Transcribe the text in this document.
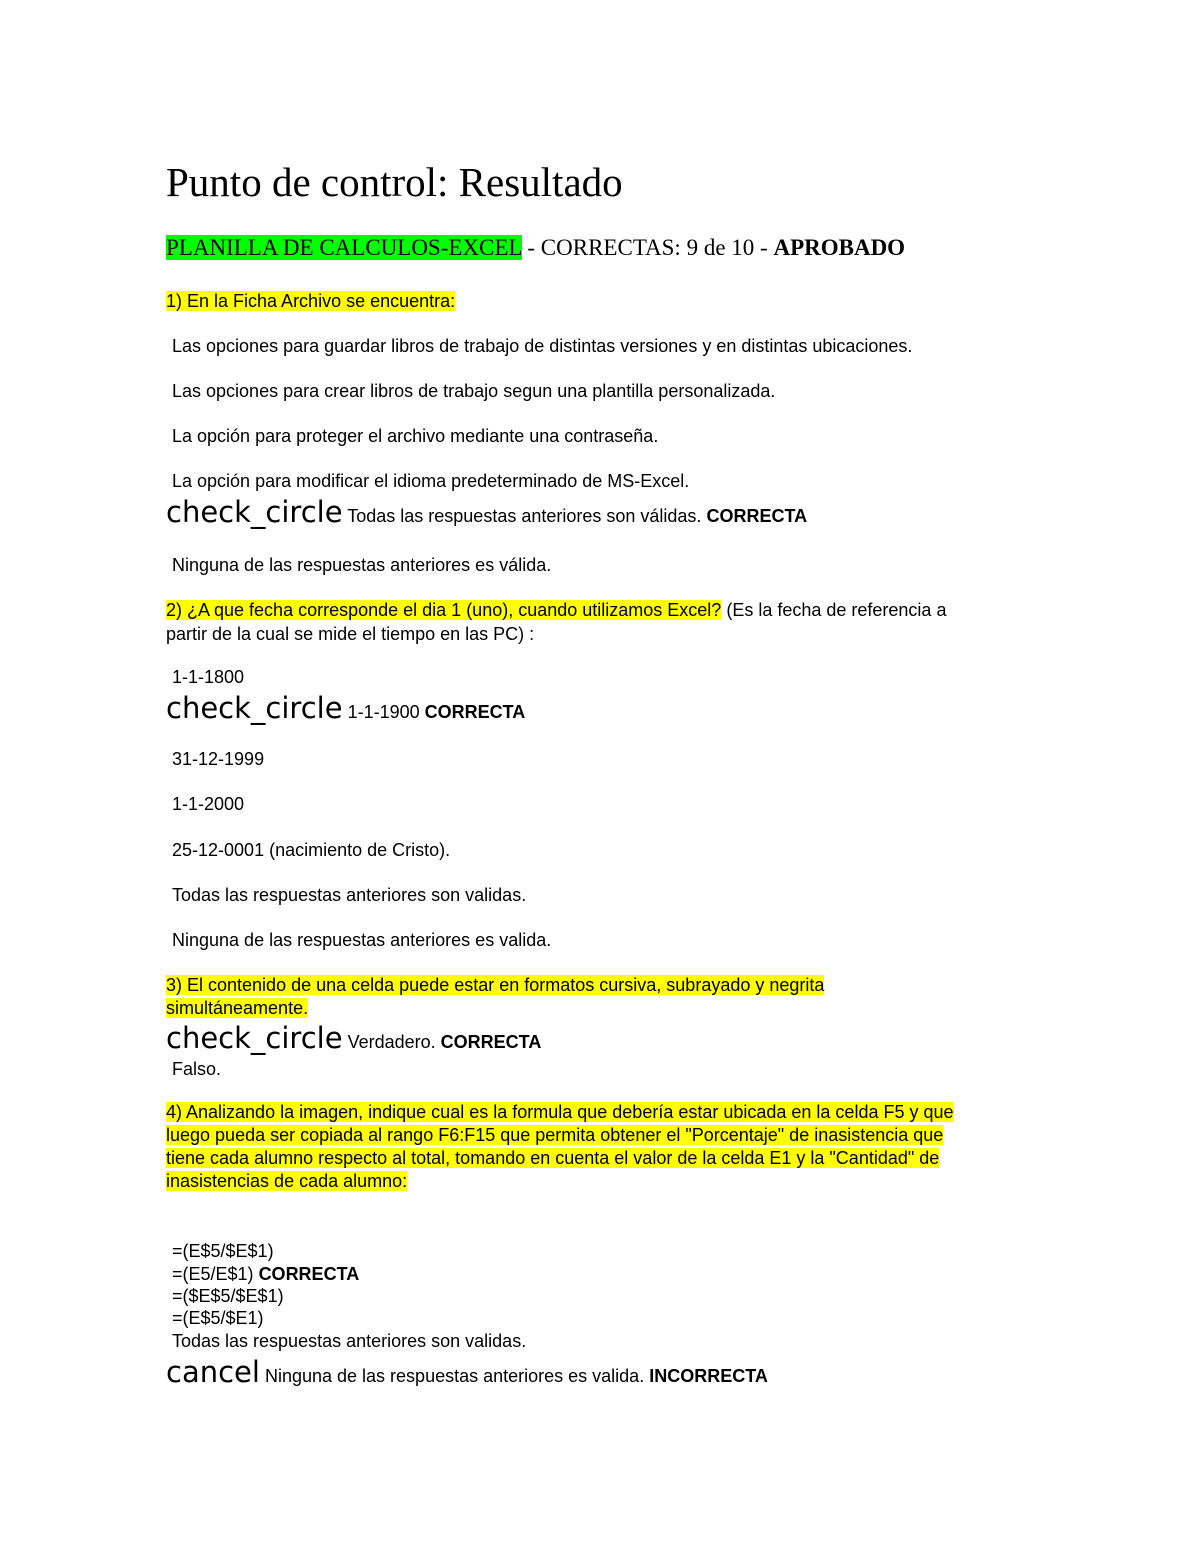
Punto de control: Resultado

PLANILLA DE CALCULOS-EXCEL - CORRECTAS: 9 de 10 - APROBADO

1) En la Ficha Archivo se encuentra:

Las opciones para guardar libros de trabajo de distintas versiones y en distintas ubicaciones.

Las opciones para crear libros de trabajo segun una plantilla personalizada.

La opción para proteger el archivo mediante una contraseña.

La opción para modificar el idioma predeterminado de MS-Excel.

check_circle Todas las respuestas anteriores son válidas. CORRECTA

Ninguna de las respuestas anteriores es válida.

2) ¿A que fecha corresponde el dia 1 (uno), cuando utilizamos Excel? (Es la fecha de referencia a

partir de la cual se mide el tiempo en las PC) :

1-1-1800

check_circle 1-1-1900 CORRECTA

31-12-1999

1-1-2000

25-12-0001 (nacimiento de Cristo).

Todas las respuestas anteriores son validas.

Ninguna de las respuestas anteriores es valida.

3) El contenido de una celda puede estar en formatos cursiva, subrayado y negrita

simultáneamente.

check_circle Verdadero. CORRECTA

Falso.

4) Analizando la imagen, indique cual es la formula que debería estar ubicada en la celda F5 y que

luego pueda ser copiada al rango F6:F15 que permita obtener el "Porcentaje" de inasistencia que

tiene cada alumno respecto al total, tomando en cuenta el valor de la celda E1 y la "Cantidad" de

inasistencias de cada alumno:

=(E$5/$E$1)

=(E5/E$1) CORRECTA

=($E$5/$E$1)

=(E$5/$E1)

Todas las respuestas anteriores son validas.

cancel Ninguna de las respuestas anteriores es valida. INCORRECTA
